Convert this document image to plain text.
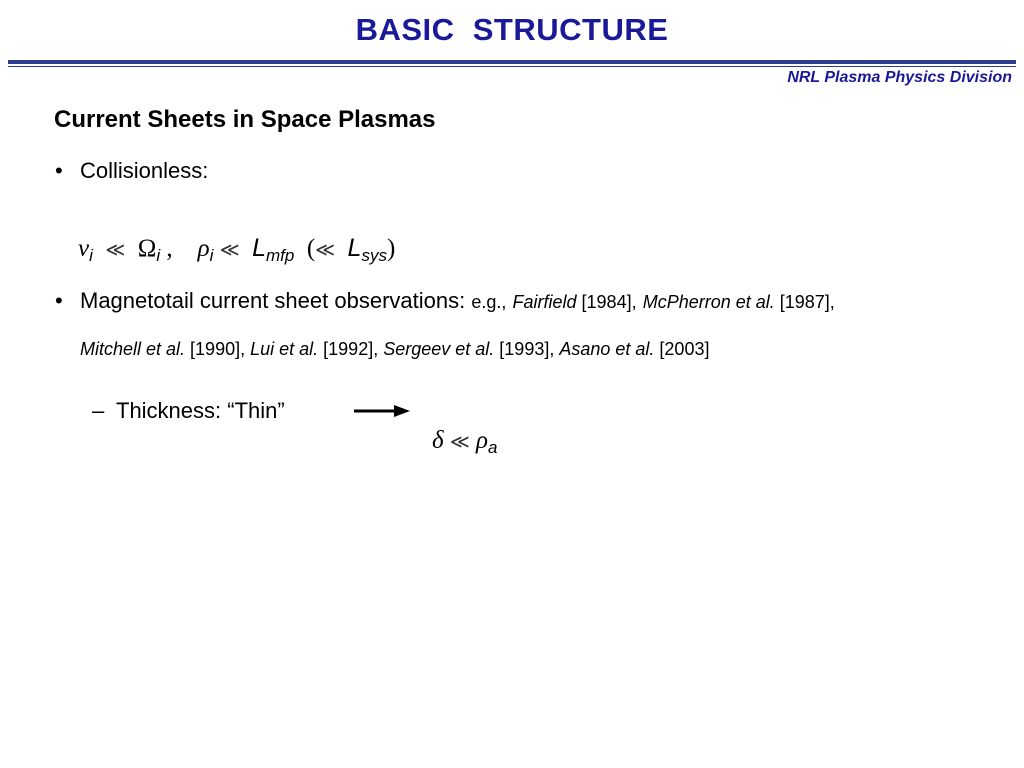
BASIC  STRUCTURE
NRL Plasma Physics Division
Current Sheets in Space Plasmas
• Collisionless:

$\nu_i$ ≪ $\Omega_i$ , $\rho_i$ ≪ $L_{mfp}$ (≪ $L_{sys}$)

• Magnetotail current sheet observations: e.g., Fairfield [1984], McPherron et al. [1987],
Mitchell et al. [1990], Lui et al. [1992], Sergeev et al. [1993], Asano et al. [2003]
– Thickness: “Thin”

δ ≪ $\rho_a$
